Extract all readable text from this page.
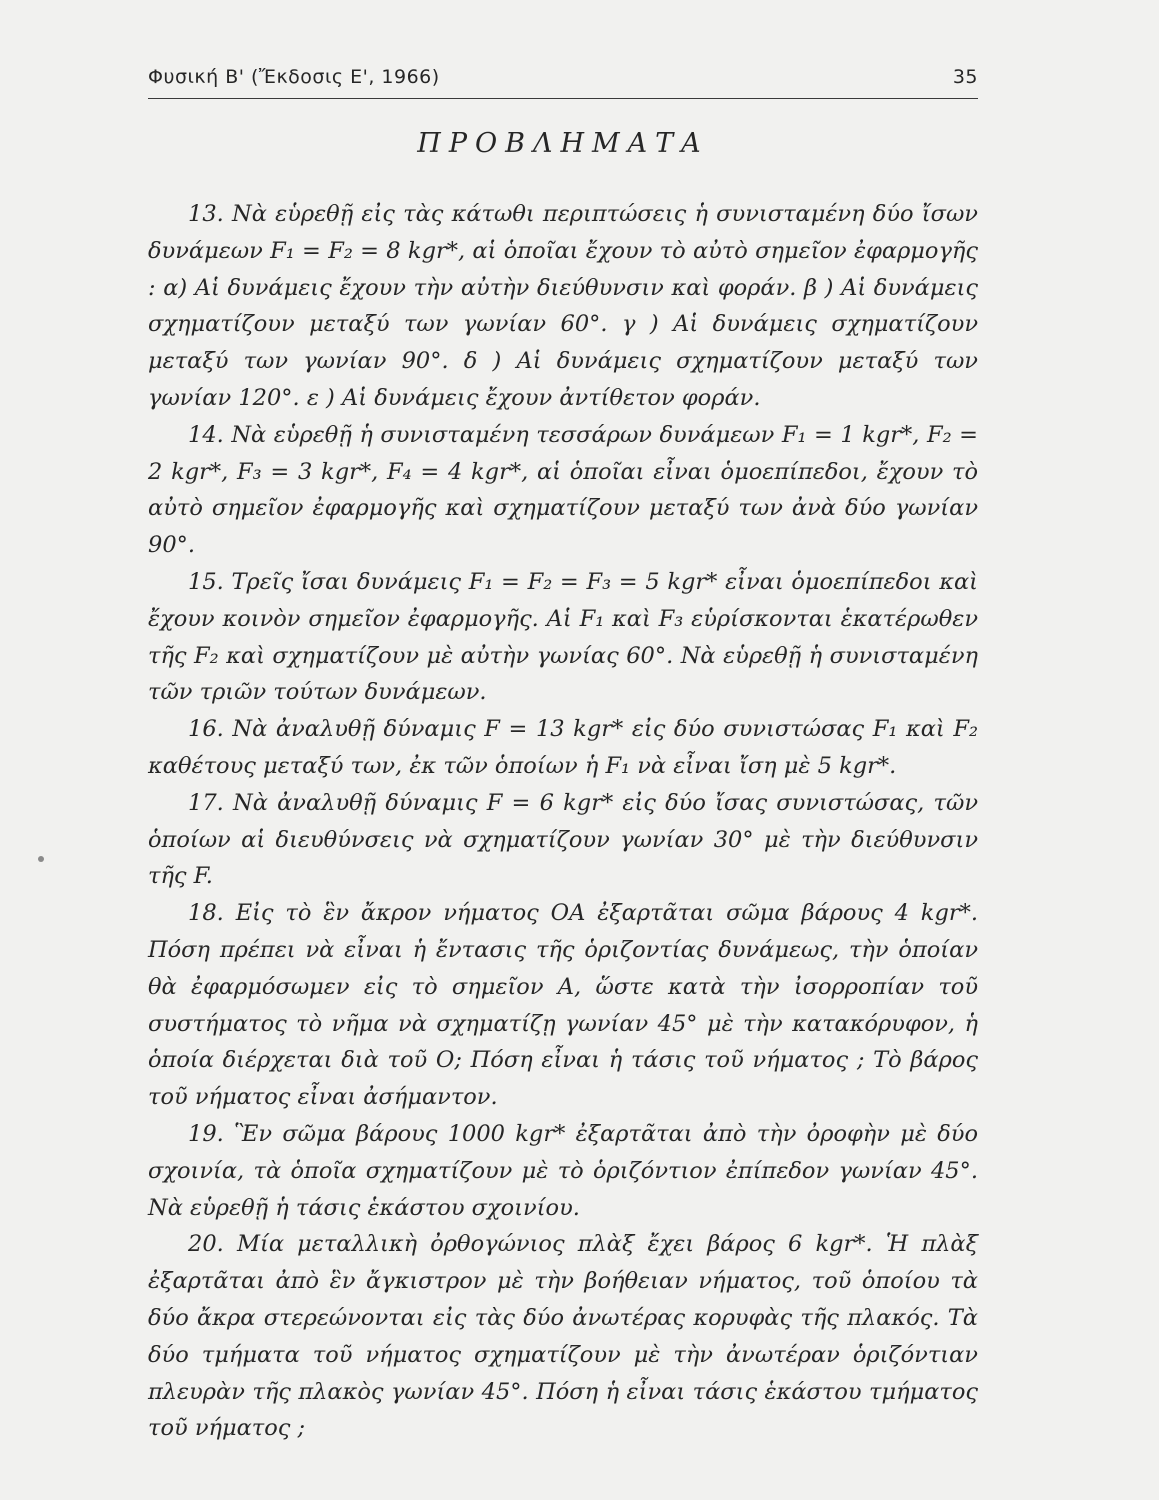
Φυσική Β' (Ἔκδοσις Ε', 1966)	35
ΠΡΟΒΛΗΜΑΤΑ

13. Νὰ εὑρεθῇ εἰς τὰς κάτωθι περιπτώσεις ἡ συνισταμένη δύο ἴσων δυνάμεων F₁ = F₂ = 8 kgr*, αἱ ὁποῖαι ἔχουν τὸ αὐτὸ σημεῖον ἐφαρμογῆς : α) Αἱ δυνάμεις ἔχουν τὴν αὐτὴν διεύθυνσιν καὶ φοράν. β ) Αἱ δυνάμεις σχηματίζουν μεταξύ των γωνίαν 60°. γ ) Αἱ δυνάμεις σχηματίζουν μεταξύ των γωνίαν 90°. δ ) Αἱ δυνάμεις σχηματίζουν μεταξύ των γωνίαν 120°. ε ) Αἱ δυνάμεις ἔχουν ἀντίθετον φοράν.

14. Νὰ εὑρεθῇ ἡ συνισταμένη τεσσάρων δυνάμεων F₁ = 1 kgr*, F₂ = 2 kgr*, F₃ = 3 kgr*, F₄ = 4 kgr*, αἱ ὁποῖαι εἶναι ὁμοεπίπεδοι, ἔχουν τὸ αὐτὸ σημεῖον ἐφαρμογῆς καὶ σχηματίζουν μεταξύ των ἀνὰ δύο γωνίαν 90°.

15. Τρεῖς ἴσαι δυνάμεις F₁ = F₂ = F₃ = 5 kgr* εἶναι ὁμοεπίπεδοι καὶ ἔχουν κοινὸν σημεῖον ἐφαρμογῆς. Αἱ F₁ καὶ F₃ εὑρίσκονται ἑκατέρωθεν τῆς F₂ καὶ σχηματίζουν μὲ αὐτὴν γωνίας 60°. Νὰ εὑρεθῇ ἡ συνισταμένη τῶν τριῶν τούτων δυνάμεων.

16. Νὰ ἀναλυθῇ δύναμις F = 13 kgr* εἰς δύο συνιστώσας F₁ καὶ F₂ καθέτους μεταξύ των, ἐκ τῶν ὁποίων ἡ F₁ νὰ εἶναι ἴση μὲ 5 kgr*.

17. Νὰ ἀναλυθῇ δύναμις F = 6 kgr* εἰς δύο ἴσας συνιστώσας, τῶν ὁποίων αἱ διευθύνσεις νὰ σχηματίζουν γωνίαν 30° μὲ τὴν διεύθυνσιν τῆς F.

18. Εἰς τὸ ἓν ἄκρον νήματος ΟΑ ἐξαρτᾶται σῶμα βάρους 4 kgr*. Πόση πρέπει νὰ εἶναι ἡ ἔντασις τῆς ὁριζοντίας δυνάμεως, τὴν ὁποίαν θὰ ἐφαρμόσωμεν εἰς τὸ σημεῖον Α, ὥστε κατὰ τὴν ἰσορροπίαν τοῦ συστήματος τὸ νῆμα νὰ σχηματίζῃ γωνίαν 45° μὲ τὴν κατακόρυφον, ἡ ὁποία διέρχεται διὰ τοῦ Ο; Πόση εἶναι ἡ τάσις τοῦ νήματος ; Τὸ βάρος τοῦ νήματος εἶναι ἀσήμαντον.

19. Ἓν σῶμα βάρους 1000 kgr* ἐξαρτᾶται ἀπὸ τὴν ὀροφὴν μὲ δύο σχοινία, τὰ ὁποῖα σχηματίζουν μὲ τὸ ὁριζόντιον ἐπίπεδον γωνίαν 45°. Νὰ εὑρεθῇ ἡ τάσις ἑκάστου σχοινίου.

20. Μία μεταλλικὴ ὀρθογώνιος πλὰξ ἔχει βάρος 6 kgr*. Ἡ πλὰξ ἐξαρτᾶται ἀπὸ ἓν ἄγκιστρον μὲ τὴν βοήθειαν νήματος, τοῦ ὁποίου τὰ δύο ἄκρα στερεώνονται εἰς τὰς δύο ἀνωτέρας κορυφὰς τῆς πλακός. Τὰ δύο τμήματα τοῦ νήματος σχηματίζουν μὲ τὴν ἀνωτέραν ὁριζόντιαν πλευρὰν τῆς πλακὸς γωνίαν 45°. Πόση ἡ εἶναι τάσις ἑκάστου τμήματος τοῦ νήματος ;
